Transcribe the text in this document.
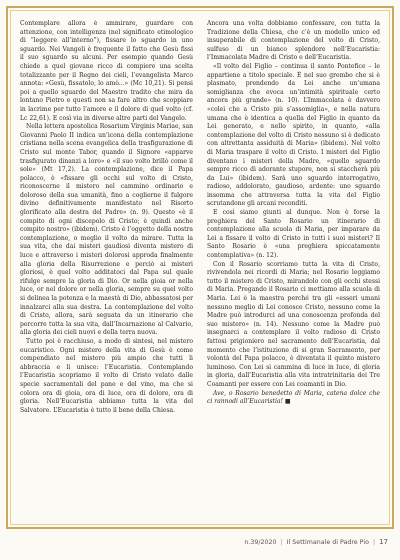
Contemplare allora è ammirare, guardare con attenzione, con intelligenza (nel significato etimologico di “leggere all’interno”), fissare lo sguardo in uno sguardo. Nei Vangeli è frequente il fatto che Gesù fissi il suo sguardo su alcuni. Per esempio quando Gesù chiede a quel giovane ricco di compiere una scelta totalizzante per il Regno dei cieli, l’evangelista Marco annota: «Gesù, fissatolo, lo amò...» (Mc 10,21). Si pensi poi a quello sguardo del Maestro tradito che mira da lontano Pietro e questi non sa fare altro che scoppiare in lacrime per tutto l’amore e il dolore di quel volto (cf. Lc 22,61). E così via in diverse altre parti del Vangelo.

Nella lettera apostolica Rosarium Virginis Mariae, san Giovanni Paolo II indica un’icona della contemplazione cristiana nella scena evangelica della trasfigurazione di Cristo sul monte Tabor, quando il Signore «apparve trasfigurato dinanzi a loro» e «il suo volto brillò come il sole» (Mt 17,2). La contemplazione, dice il Papa polacco, è «fissare gli occhi sul volto di Cristo, riconoscerne il mistero nel cammino ordinario e doloroso della sua umanità, fino a coglierne il fulgore divino definitivamente manifestato nel Risorto glorificato alla destra del Padre» (n. 9). Questo «è il compito di ogni discepolo di Cristo; è quindi anche compito nostro» (ibidem). Cristo è l’oggetto della nostra contemplazione, o meglio il volto da mirare. Tutta la sua vita, che dai misteri gaudiosi diventa mistero di luce e attraverso i misteri dolorosi approda finalmente alla gloria della Risurrezione e perciò ai misteri gloriosi, è quel volto additatoci dal Papa sul quale rifulge sempre la gloria di Dio. Or nella gioia or nella luce, or nel dolore or nella gloria, sempre su quel volto si delinea la potenza e la maestà di Dio, abbassatosi per innalzarci alla sua destra. La contemplazione del volto di Cristo, allora, sarà seguata da un itinerario che percorre tutta la sua vita, dall’Incarnazione al Calvario, alla gloria dei cieli nuovi e della terra nuova.

Tutto poi è racchiuso, a modo di sintesi, nel mistero eucaristico. Ogni mistero della vita di Gesù è come compendiato nel mistero più ampio che tutti li abbraccia e li unisce: l’Eucaristia. Contemplando l’Eucaristia scopriamo il volto di Cristo velato dalle specie sacramentali del pane e del vino, ma che si colora ora di gioia, ora di luce, ora di dolore, ora di gloria. Nell’Eucaristia abbiamo tutta la vita del Salvatore. L’Eucaristia è tutto il bene della Chiesa.

Ancora una volta dobbiamo confessare, con tutta la Tradizione della Chiesa, che c’è un modello unico ed insuperabile di contemplazione del volto di Cristo, sulfuso di un bianco splendore nell’Eucaristia: l’Immacolata Madre di Cristo e dell’Eucaristia.

«Il volto del Figlio – continua il santo Pontefice – le appartiene a titolo speciale. È nel suo grembo che si è plasmato, prendendo da Lei anche un’umana somiglianza che evoca un’intimità spirituale certo ancora più grande» (n. 10). L’Immacolata è davvero «colei che a Cristo più s’assomiglia», e nella natura umana che è identica a quella del Figlio in quanto da Lei generato, e nello spirito, in quanto, «alla contemplazione del volto di Cristo nessuno si è dedicato con altrettanta assiduità di Maria» (ibidem). Nel volto di Maria traspare il volto di Cristo. I misteri del Figlio diventano i misteri della Madre, «quello sguardo sempre ricco di adorante stupore, non si staccherà più da Lui» (ibidem). Sarà uno sguardo interrogativo, radioso, addolorato, gaudioso, ardente: uno sguardo insomma che attraversa tutta la vita del Figlio scrutandone gli arcani reconditi.

E così siamo giunti al dunque. Non è forse la preghiera del Santo Rosario un itinerario di contemplazione alla scuola di Maria, per imparare da Lei a fissare il volto di Cristo in tutti i suoi misteri? Il Santo Rosario è «una preghiera spiccatamente contemplativa» (n. 12).

Con il Rosario scorriamo tutta la vita di Cristo, rivivendola nei ricordi di Maria; nel Rosario leggiamo tutto il mistero di Cristo, mirandolo con gli occhi stessi di Maria. Pregando il Rosario ci mettiamo alla scuola di Maria. Lei è la maestra perché tra gli «esseri umani nessuno meglio di Lei conosce Cristo, nessuno come la Madre può introdurci ad una conoscenza profonda del suo mistero» (n. 14). Nessuno come la Madre può insegnarci a contemplare il volto radioso di Cristo fattosi prigioniero nel sacramento dell’Eucaristia, dal momento che l’istituzione di si gran Sacramento, per volontà del Papa polacco, è diventata il quinto mistero luminoso. Con Lei si cammina di luce in luce, di gloria in gloria, dall’Eucaristia alla vita intratrinitaria dei Tre Coamanti per essere con Lei coamanti in Dio.

Ave, o Rosario benedetto di Maria, catena dolce che ci rannodi all’Eucaristia! ■

n.39/2020 | Il Settimanale di Padre Pio | 17
